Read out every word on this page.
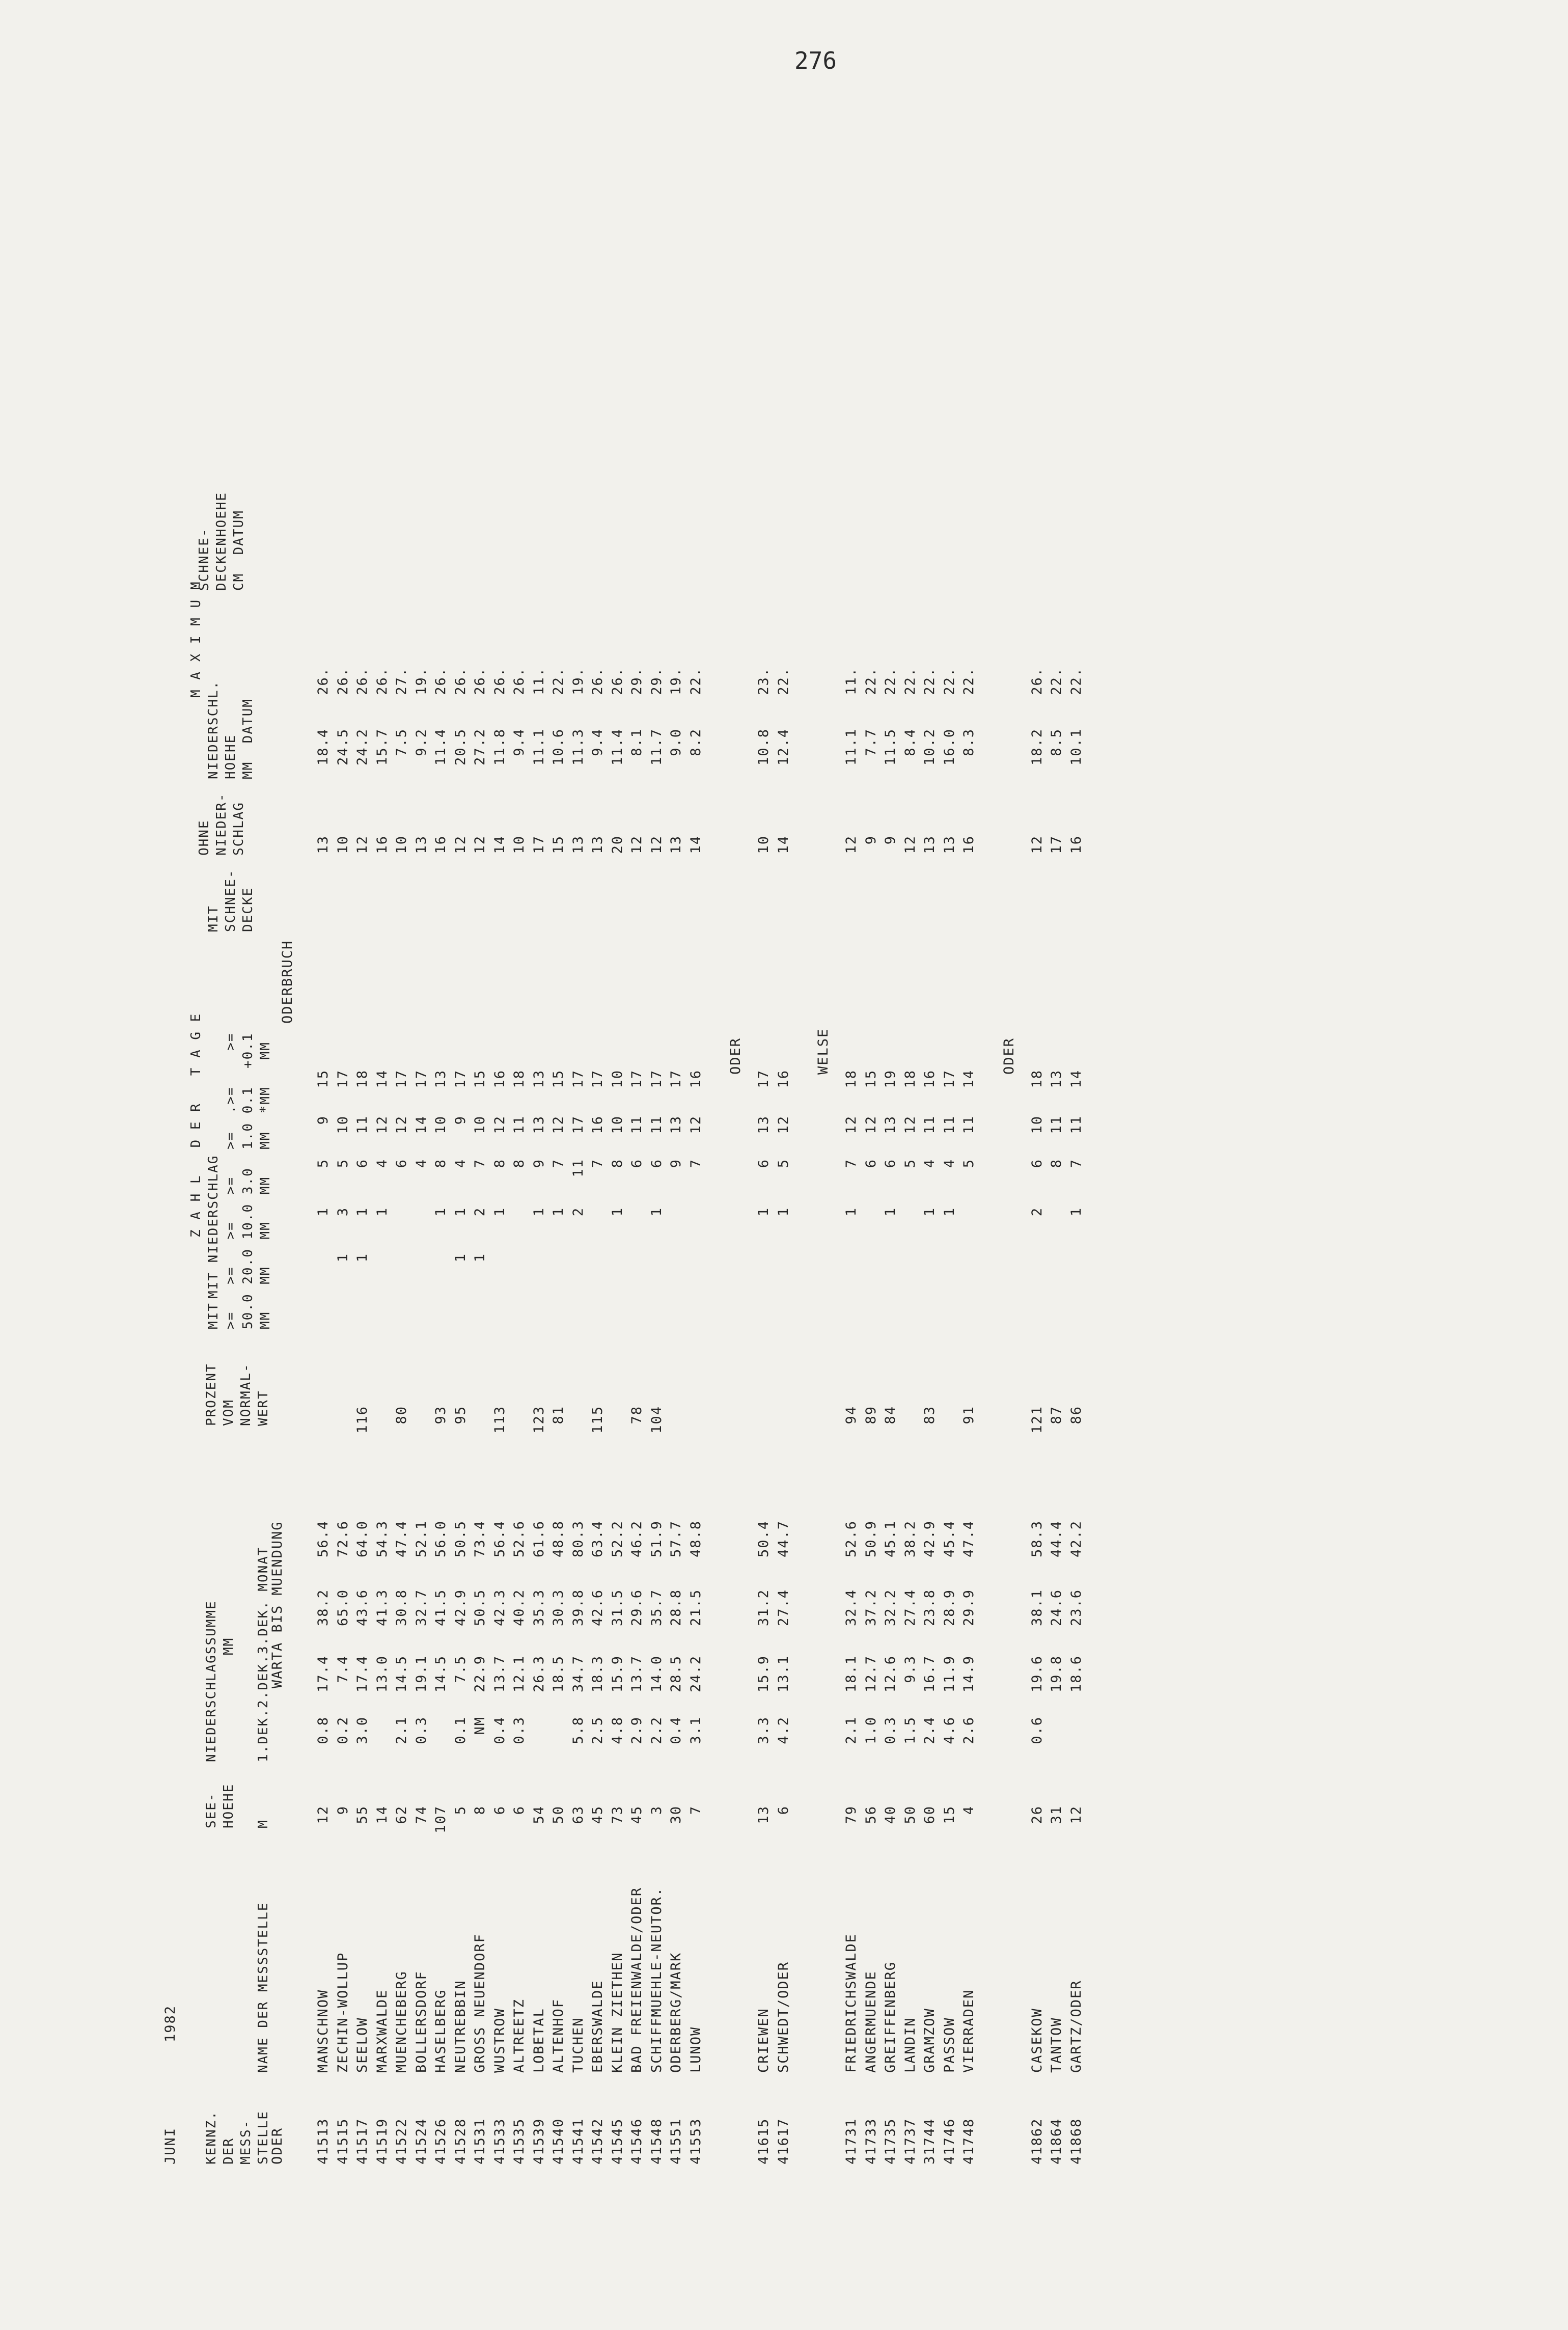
276
JUNI
1982
KENNZ. DER MESS- STELLE
NAME DER MESSSTELLE
SEE- HOEHE M
NIEDERSCHLAGSSUMME MM 1.DEK.2.DEK.3.DEK. MONAT
PROZENT VOM NORMAL- WERT
Z A H L   D E R   T A G E MIT NIEDERSCHLAG
MIT >=   >=   >=   >=   >=  .>=    >= 50.0 20.0 10.0 3.0  1.0 0.1  +0.1 MM   MM   MM   MM   MM  *MM   MM
MIT SCHNEE- DECKE
OHNE NIEDER- SCHLAG
M A X I M U M
NIEDERSCHL. HOEHE MM  DATUM
SCHNEE- DECKENHOEHE CM  DATUM
ODER
WARTA BIS MUENDUNG
ODERBRUCH
41513
MANSCHNOW
12
0.8
17.4
38.2
56.4
1
5
9
15
13
18.4
26.
41515
ZECHIN-WOLLUP
9
0.2
7.4
65.0
72.6
1
3
5
10
17
10
24.5
26.
41517
SEELOW
55
3.0
17.4
43.6
64.0
116
1
1
6
11
18
12
24.2
26.
41519
MARXWALDE
14
13.0
41.3
54.3
1
4
12
14
16
15.7
26.
41522
MUENCHEBERG
62
2.1
14.5
30.8
47.4
80
6
12
17
10
7.5
27.
41524
BOLLERSDORF
74
0.3
19.1
32.7
52.1
4
14
17
13
9.2
19.
41526
HASELBERG
107
14.5
41.5
56.0
93
1
8
10
13
16
11.4
26.
41528
NEUTREBBIN
5
0.1
7.5
42.9
50.5
95
1
1
4
9
17
12
20.5
26.
41531
GROSS NEUENDORF
8
NM
22.9
50.5
73.4
1
2
7
10
15
12
27.2
26.
41533
WUSTROW
6
0.4
13.7
42.3
56.4
113
1
8
12
16
14
11.8
26.
41535
ALTREETZ
6
0.3
12.1
40.2
52.6
8
11
18
10
9.4
26.
41539
LOBETAL
54
26.3
35.3
61.6
123
1
9
13
13
17
11.1
11.
41540
ALTENHOF
50
18.5
30.3
48.8
81
1
7
12
15
15
10.6
22.
41541
TUCHEN
63
5.8
34.7
39.8
80.3
2
11
17
17
13
11.3
19.
41542
EBERSWALDE
45
2.5
18.3
42.6
63.4
115
7
16
17
13
9.4
26.
41545
KLEIN ZIETHEN
73
4.8
15.9
31.5
52.2
1
8
10
10
20
11.4
26.
41546
BAD FREIENWALDE/ODER
45
2.9
13.7
29.6
46.2
78
6
11
17
12
8.1
29.
41548
SCHIFFMUEHLE-NEUTOR.
3
2.2
14.0
35.7
51.9
104
1
6
11
17
12
11.7
29.
41551
ODERBERG/MARK
30
0.4
28.5
28.8
57.7
9
13
17
13
9.0
19.
41553
LUNOW
7
3.1
24.2
21.5
48.8
7
12
16
14
8.2
22.
ODER
41615
CRIEWEN
13
3.3
15.9
31.2
50.4
1
6
13
17
10
10.8
23.
41617
SCHWEDT/ODER
6
4.2
13.1
27.4
44.7
1
5
12
16
14
12.4
22.
WELSE
41731
FRIEDRICHSWALDE
79
2.1
18.1
32.4
52.6
94
1
7
12
18
12
11.1
11.
41733
ANGERMUENDE
56
1.0
12.7
37.2
50.9
89
6
12
15
9
7.7
22.
41735
GREIFFENBERG
40
0.3
12.6
32.2
45.1
84
1
6
13
19
9
11.5
22.
41737
LANDIN
50
1.5
9.3
27.4
38.2
5
12
18
12
8.4
22.
31744
GRAMZOW
60
2.4
16.7
23.8
42.9
83
1
4
11
16
13
10.2
22.
41746
PASSOW
15
4.6
11.9
28.9
45.4
1
4
11
17
13
16.0
22.
41748
VIERRADEN
4
2.6
14.9
29.9
47.4
91
5
11
14
16
8.3
22.
ODER
41862
CASEKOW
26
0.6
19.6
38.1
58.3
121
2
6
10
18
12
18.2
26.
41864
TANTOW
31
19.8
24.6
44.4
87
8
11
13
17
8.5
22.
41868
GARTZ/ODER
12
18.6
23.6
42.2
86
1
7
11
14
16
10.1
22.
